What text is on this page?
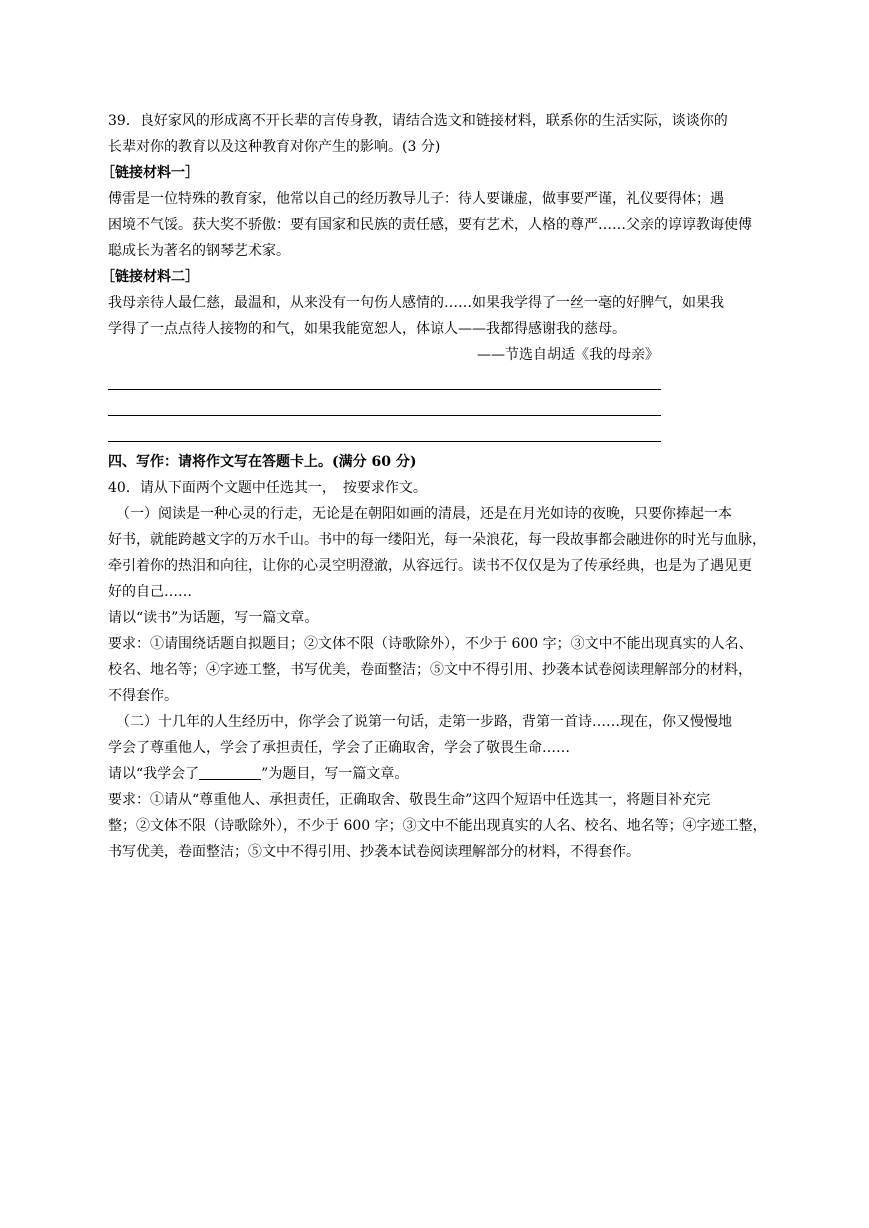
39．良好家风的形成离不开长辈的言传身教，请结合选文和链接材料，联系你的生活实际，谈谈你的
长辈对你的教育以及这种教育对你产生的影响。(3 分)
［链接材料一］
傅雷是一位特殊的教育家，他常以自己的经历教导儿子：待人要谦虚，做事要严谨，礼仪要得体；遇
困境不气馁。获大奖不骄傲：要有国家和民族的责任感，要有艺术，人格的尊严……父亲的谆谆教诲使傅
聪成长为著名的钢琴艺术家。
［链接材料二］
我母亲待人最仁慈，最温和，从来没有一句伤人感情的……如果我学得了一丝一毫的好脾气，如果我
学得了一点点待人接物的和气，如果我能宽恕人，体谅人——我都得感谢我的慈母。
——节选自胡适《我的母亲》
四、写作：请将作文写在答题卡上。(满分 60 分)
40．请从下面两个文题中任选其一，　按要求作文。
（一）阅读是一种心灵的行走，无论是在朝阳如画的清晨，还是在月光如诗的夜晚，只要你捧起一本
好书，就能跨越文字的万水千山。书中的每一缕阳光，每一朵浪花，每一段故事都会融进你的时光与血脉，
牵引着你的热泪和向往，让你的心灵空明澄澈，从容远行。读书不仅仅是为了传承经典，也是为了遇见更
好的自己……
请以“读书”为话题，写一篇文章。
要求：①请围绕话题自拟题目；②文体不限（诗歌除外），不少于 600 字；③文中不能出现真实的人名、
校名、地名等；④字迹工整，书写优美，卷面整洁；⑤文中不得引用、抄袭本试卷阅读理解部分的材料，
不得套作。
（二）十几年的人生经历中，你学会了说第一句话，走第一步路，背第一首诗……现在，你又慢慢地
学会了尊重他人，学会了承担责任，学会了正确取舍，学会了敬畏生命……
请以“我学会了	”为题目，写一篇文章。
要求：①请从“尊重他人、承担责任，正确取舍、敬畏生命”这四个短语中任选其一，将题目补充完
整；②文体不限（诗歌除外），不少于 600 字；③文中不能出现真实的人名、校名、地名等；④字迹工整，
书写优美，卷面整洁；⑤文中不得引用、抄袭本试卷阅读理解部分的材料，不得套作。
